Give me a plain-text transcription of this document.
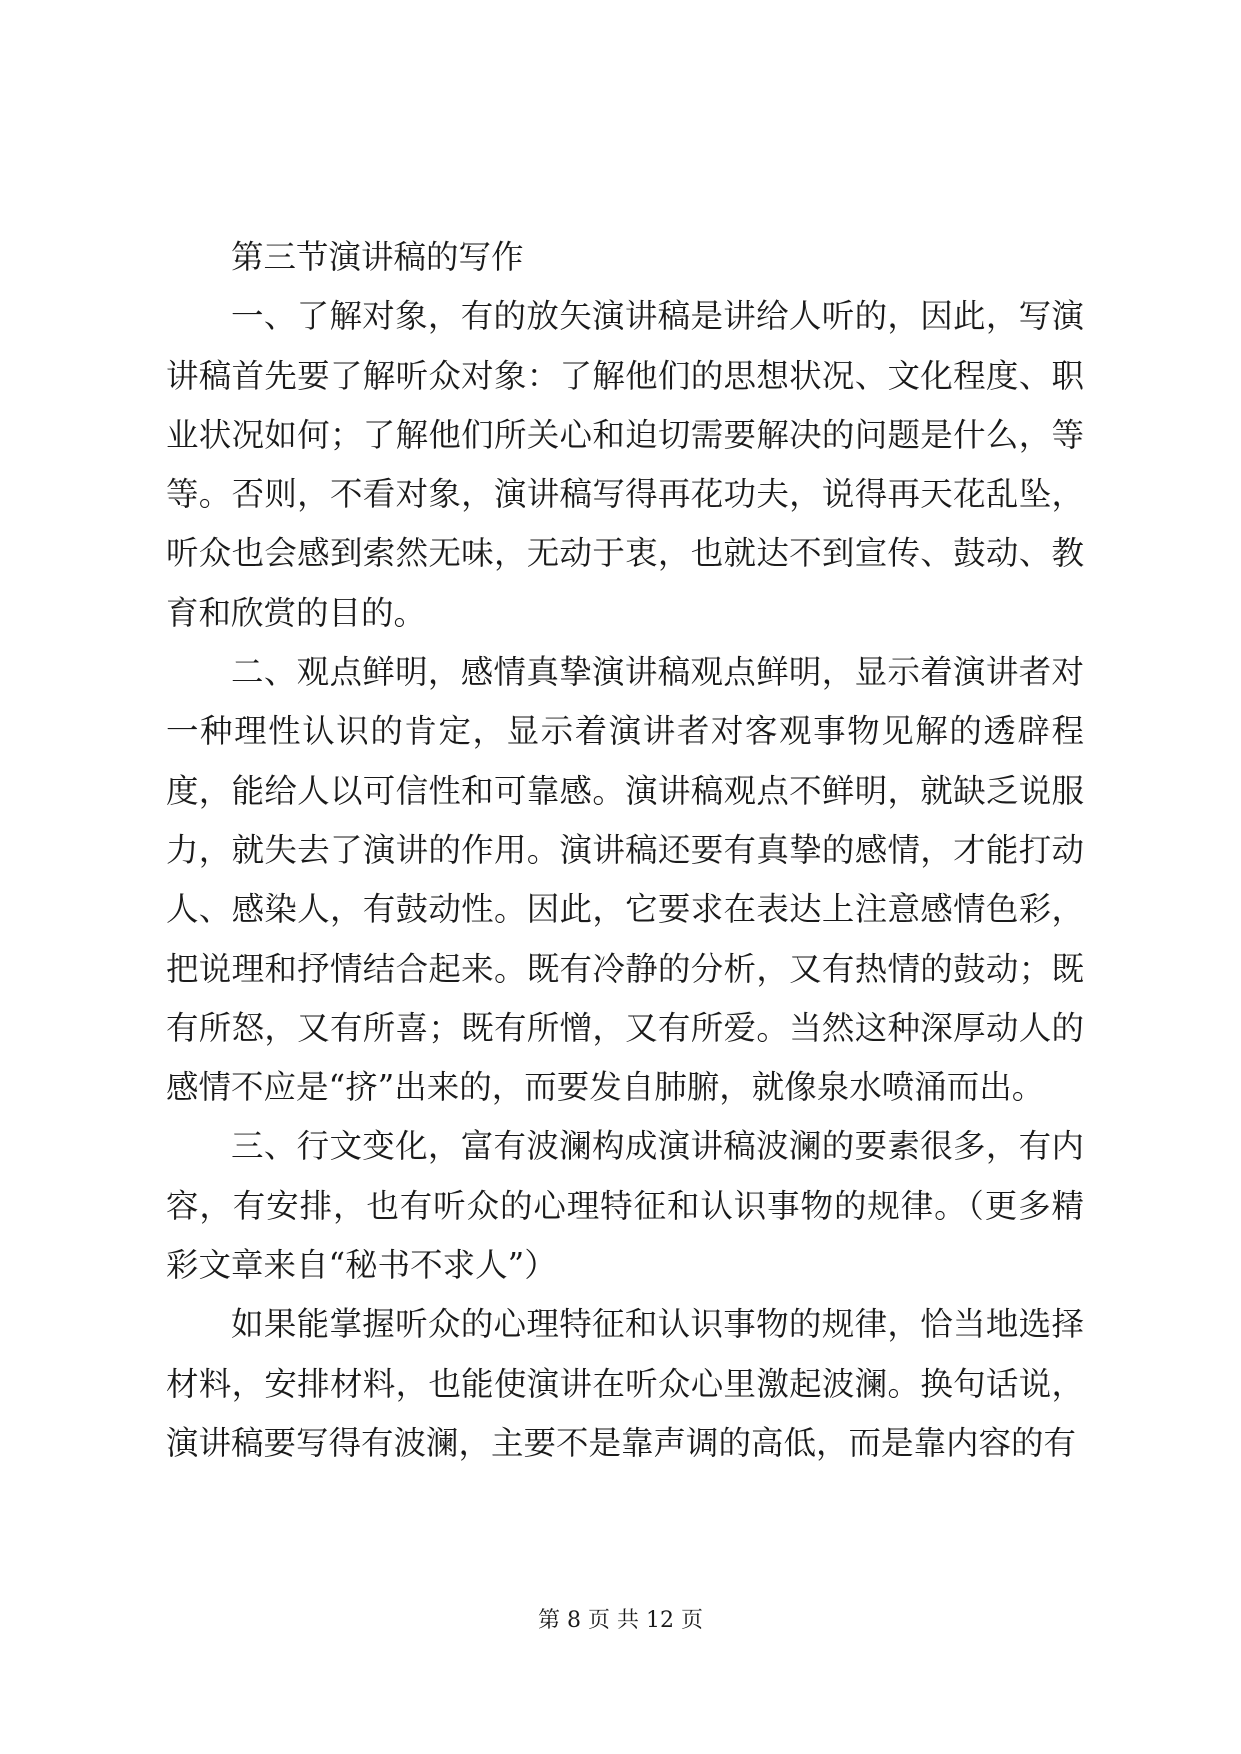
第三节演讲稿的写作

一、了解对象，有的放矢演讲稿是讲给人听的，因此，写演讲稿首先要了解听众对象：了解他们的思想状况、文化程度、职业状况如何；了解他们所关心和迫切需要解决的问题是什么，等等。否则，不看对象，演讲稿写得再花功夫，说得再天花乱坠，听众也会感到索然无味，无动于衷，也就达不到宣传、鼓动、教育和欣赏的目的。

二、观点鲜明，感情真挚演讲稿观点鲜明，显示着演讲者对一种理性认识的肯定，显示着演讲者对客观事物见解的透辟程度，能给人以可信性和可靠感。演讲稿观点不鲜明，就缺乏说服力，就失去了演讲的作用。演讲稿还要有真挚的感情，才能打动人、感染人，有鼓动性。因此，它要求在表达上注意感情色彩，把说理和抒情结合起来。既有冷静的分析，又有热情的鼓动；既有所怒，又有所喜；既有所憎，又有所爱。当然这种深厚动人的感情不应是“挤”出来的，而要发自肺腑，就像泉水喷涌而出。

三、行文变化，富有波澜构成演讲稿波澜的要素很多，有内容，有安排，也有听众的心理特征和认识事物的规律。（更多精彩文章来自“秘书不求人”）

如果能掌握听众的心理特征和认识事物的规律，恰当地选择材料，安排材料，也能使演讲在听众心里激起波澜。换句话说，演讲稿要写得有波澜，主要不是靠声调的高低，而是靠内容的有

第 8 页 共 12 页
